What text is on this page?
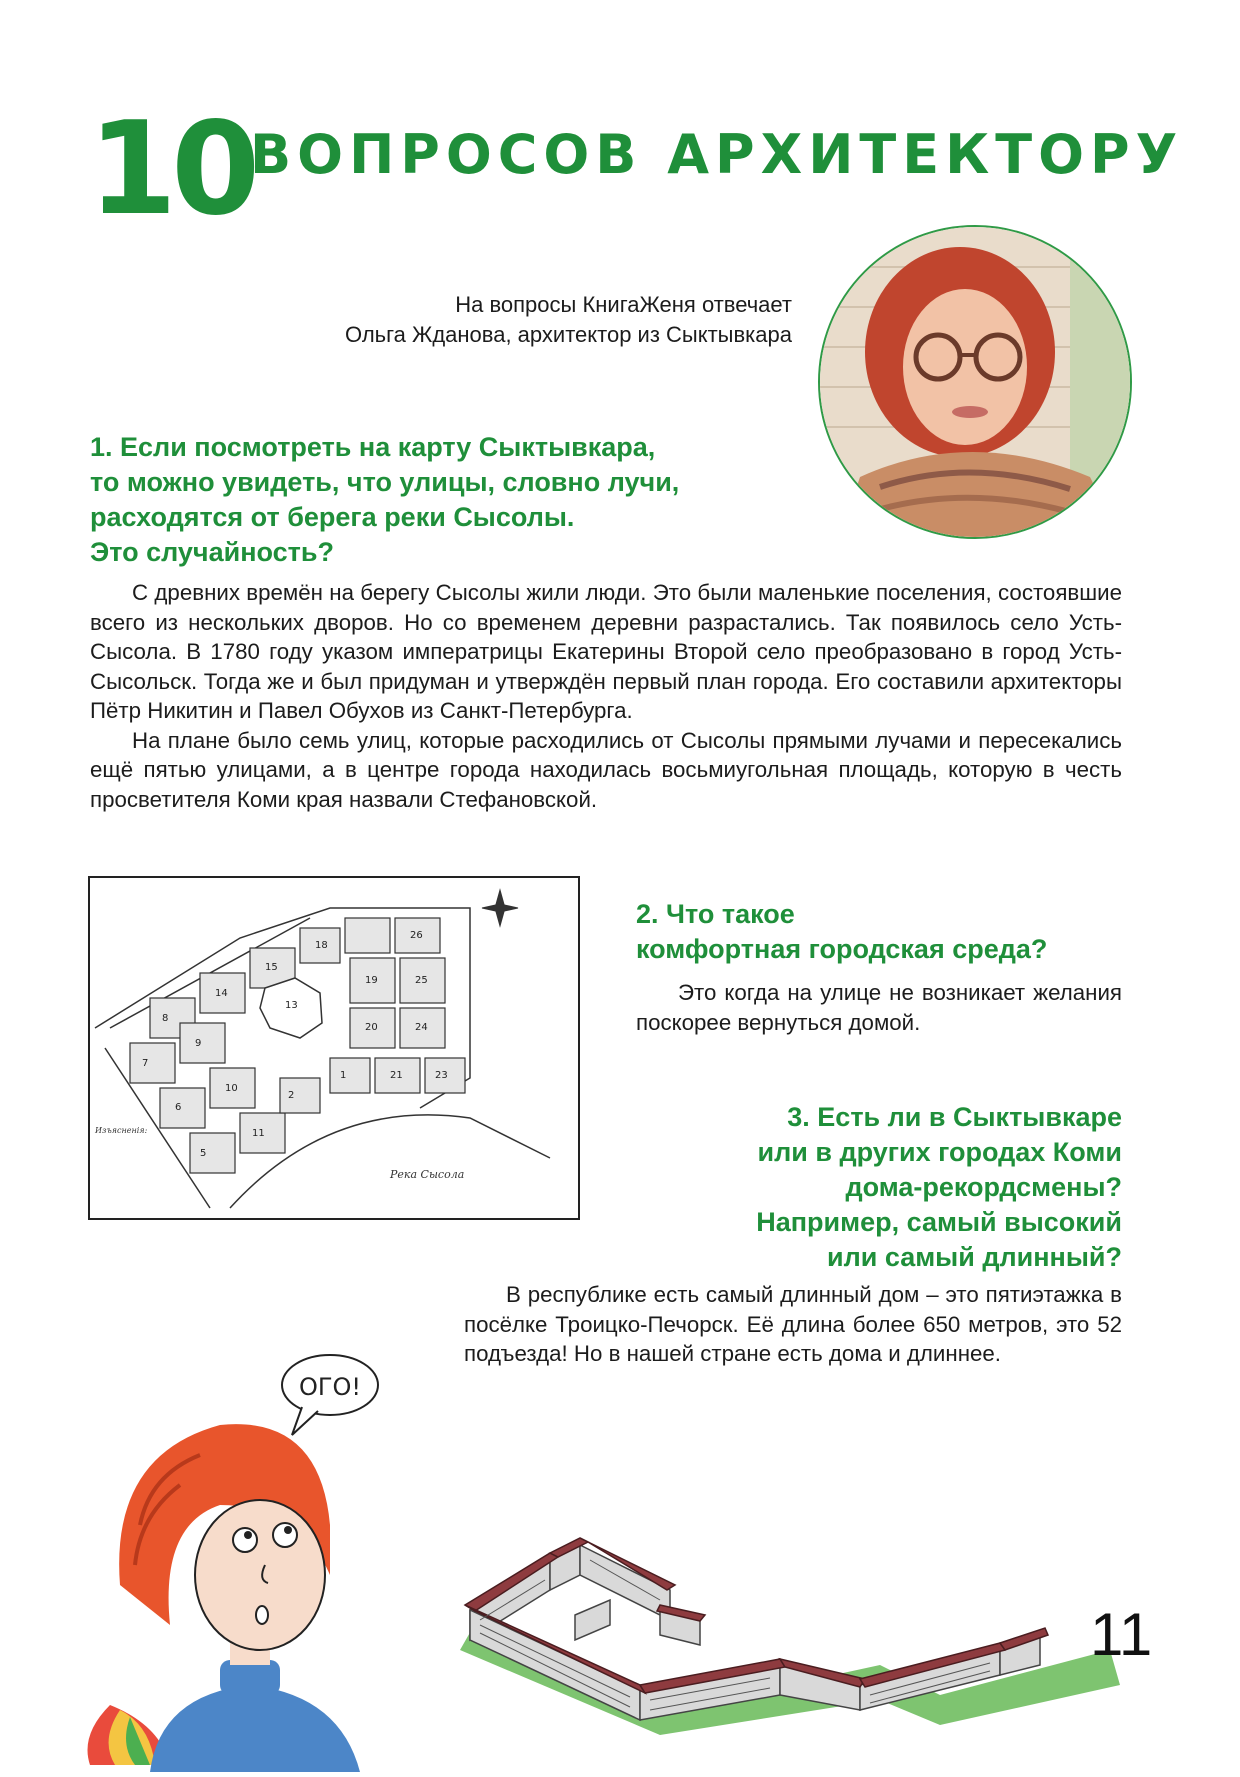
10
ВОПРОСОВ АРХИТЕКТОРУ
На вопросы КнигаЖеня отвечает
Ольга Жданова, архитектор из Сыктывкара
1. Если посмотреть на карту Сыктывкара,
то можно увидеть, что улицы, словно лучи,
расходятся от берега реки Сысолы.
Это случайность?

С древних времён на берегу Сысолы жили люди. Это были маленькие поселения, состоявшие всего из нескольких дворов. Но со временем деревни разрастались. Так появилось село Усть-Сысола. В 1780 году указом императрицы Екатерины Второй село преобразовано в город Усть-Сысольск. Тогда же и был придуман и утверждён первый план города. Его составили архитекторы Пётр Никитин и Павел Обухов из Санкт-Петербурга.

На плане было семь улиц, которые расходились от Сысолы прямыми лучами и пересекались ещё пятью улицами, а в центре города находилась восьмиугольная площадь, которую в честь просветителя Коми края назвали Стефановской.

8
14
15
18
26
7
9
6
10
5
11
19	25
20	24
21	23
2
1
13
Река Сысола
Изъясненія:
2. Что такое
комфортная городская среда?

Это когда на улице не возникает желания поскорее вернуться домой.

3. Есть ли в Сыктывкаре
или в других городах Коми
дома-рекордсмены?
Например, самый высокий
или самый длинный?

В республике есть самый длинный дом – это пятиэтажка в посёлке Троицко-Печорск. Её длина более 650 метров, это 52 подъезда! Но в нашей стране есть дома и длиннее.

ОГО!
11
